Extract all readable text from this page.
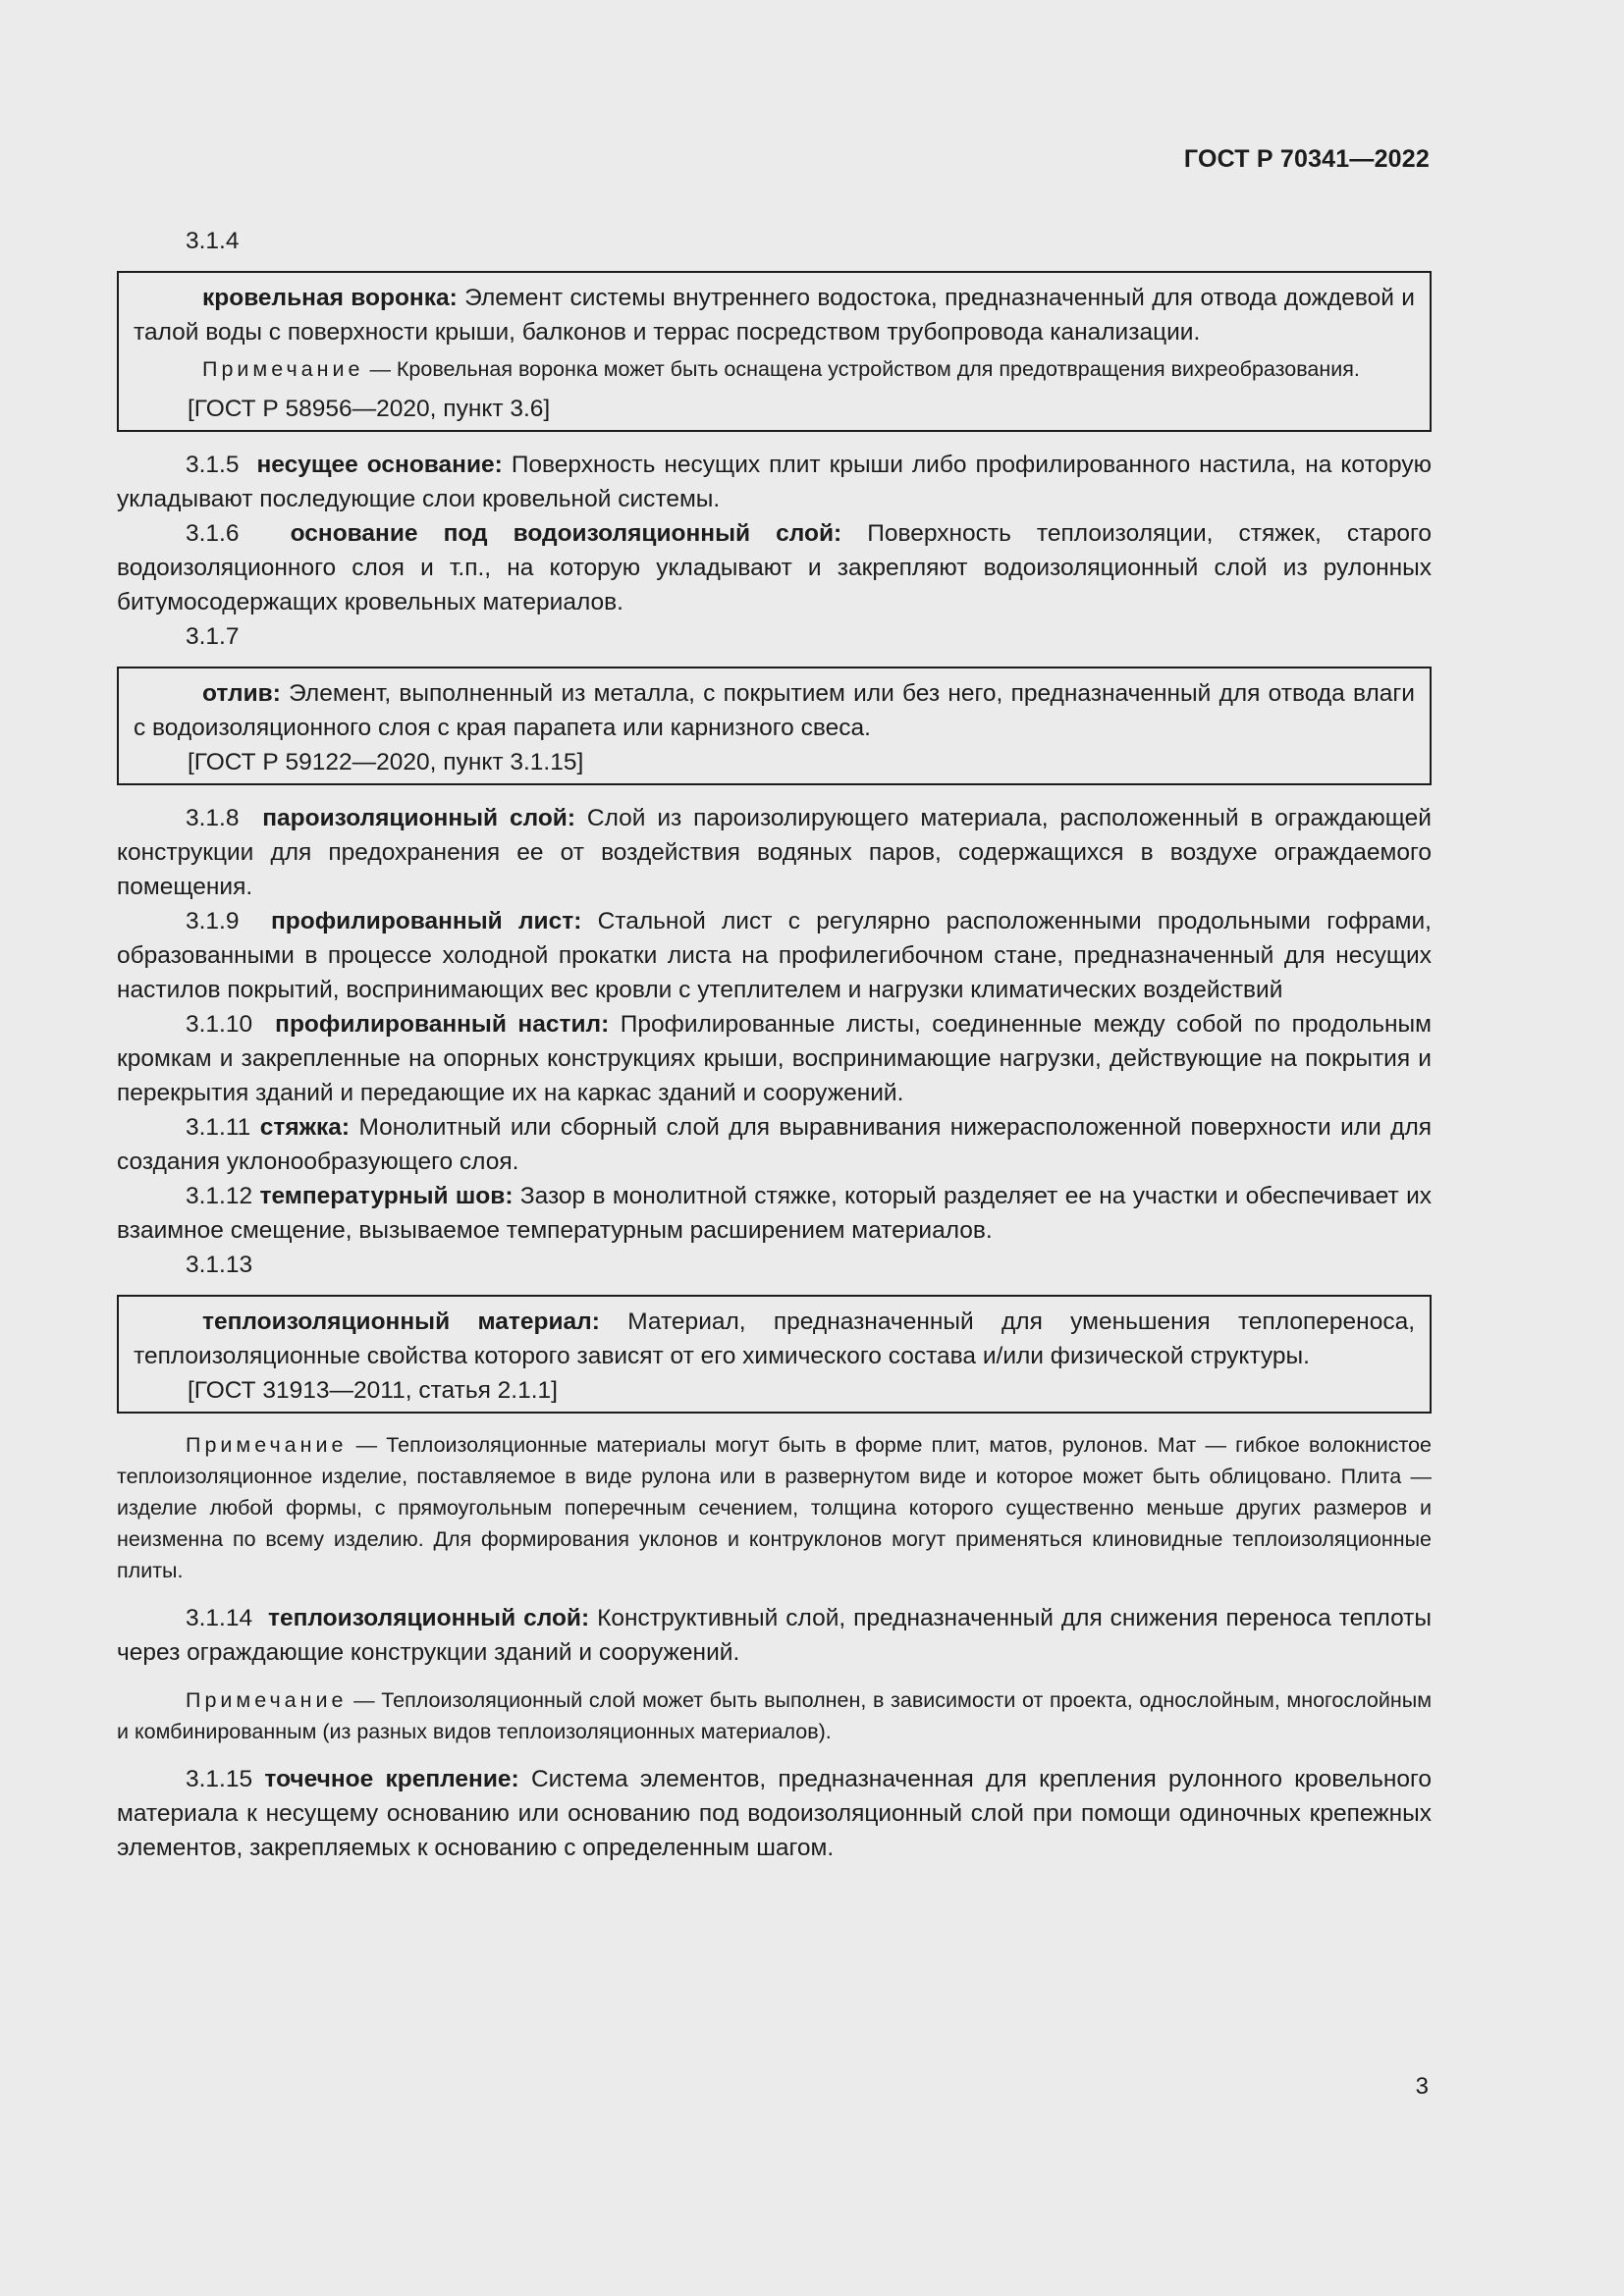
ГОСТ Р 70341—2022
3.1.4

кровельная воронка: Элемент системы внутреннего водостока, предназначенный для отвода дождевой и талой воды с поверхности крыши, балконов и террас посредством трубопровода канализации.

Примечание — Кровельная воронка может быть оснащена устройством для предотвращения вихреобразования.

[ГОСТ Р 58956—2020, пункт 3.6]

3.1.5 несущее основание: Поверхность несущих плит крыши либо профилированного настила, на которую укладывают последующие слои кровельной системы.

3.1.6 основание под водоизоляционный слой: Поверхность теплоизоляции, стяжек, старого водоизоляционного слоя и т.п., на которую укладывают и закрепляют водоизоляционный слой из рулонных битумосодержащих кровельных материалов.

3.1.7

отлив: Элемент, выполненный из металла, с покрытием или без него, предназначенный для отвода влаги с водоизоляционного слоя с края парапета или карнизного свеса.

[ГОСТ Р 59122—2020, пункт 3.1.15]

3.1.8 пароизоляционный слой: Слой из пароизолирующего материала, расположенный в ограждающей конструкции для предохранения ее от воздействия водяных паров, содержащихся в воздухе ограждаемого помещения.

3.1.9 профилированный лист: Стальной лист с регулярно расположенными продольными гофрами, образованными в процессе холодной прокатки листа на профилегибочном стане, предназначенный для несущих настилов покрытий, воспринимающих вес кровли с утеплителем и нагрузки климатических воздействий

3.1.10 профилированный настил: Профилированные листы, соединенные между собой по продольным кромкам и закрепленные на опорных конструкциях крыши, воспринимающие нагрузки, действующие на покрытия и перекрытия зданий и передающие их на каркас зданий и сооружений.

3.1.11 стяжка: Монолитный или сборный слой для выравнивания нижерасположенной поверхности или для создания уклонообразующего слоя.

3.1.12 температурный шов: Зазор в монолитной стяжке, который разделяет ее на участки и обеспечивает их взаимное смещение, вызываемое температурным расширением материалов.

3.1.13

теплоизоляционный материал: Материал, предназначенный для уменьшения теплопереноса, теплоизоляционные свойства которого зависят от его химического состава и/или физической структуры.

[ГОСТ 31913—2011, статья 2.1.1]

Примечание — Теплоизоляционные материалы могут быть в форме плит, матов, рулонов. Мат — гибкое волокнистое теплоизоляционное изделие, поставляемое в виде рулона или в развернутом виде и которое может быть облицовано. Плита — изделие любой формы, с прямоугольным поперечным сечением, толщина которого существенно меньше других размеров и неизменна по всему изделию. Для формирования уклонов и контруклонов могут применяться клиновидные теплоизоляционные плиты.

3.1.14 теплоизоляционный слой: Конструктивный слой, предназначенный для снижения переноса теплоты через ограждающие конструкции зданий и сооружений.

Примечание — Теплоизоляционный слой может быть выполнен, в зависимости от проекта, однослойным, многослойным и комбинированным (из разных видов теплоизоляционных материалов).

3.1.15 точечное крепление: Система элементов, предназначенная для крепления рулонного кровельного материала к несущему основанию или основанию под водоизоляционный слой при помощи одиночных крепежных элементов, закрепляемых к основанию с определенным шагом.

3
